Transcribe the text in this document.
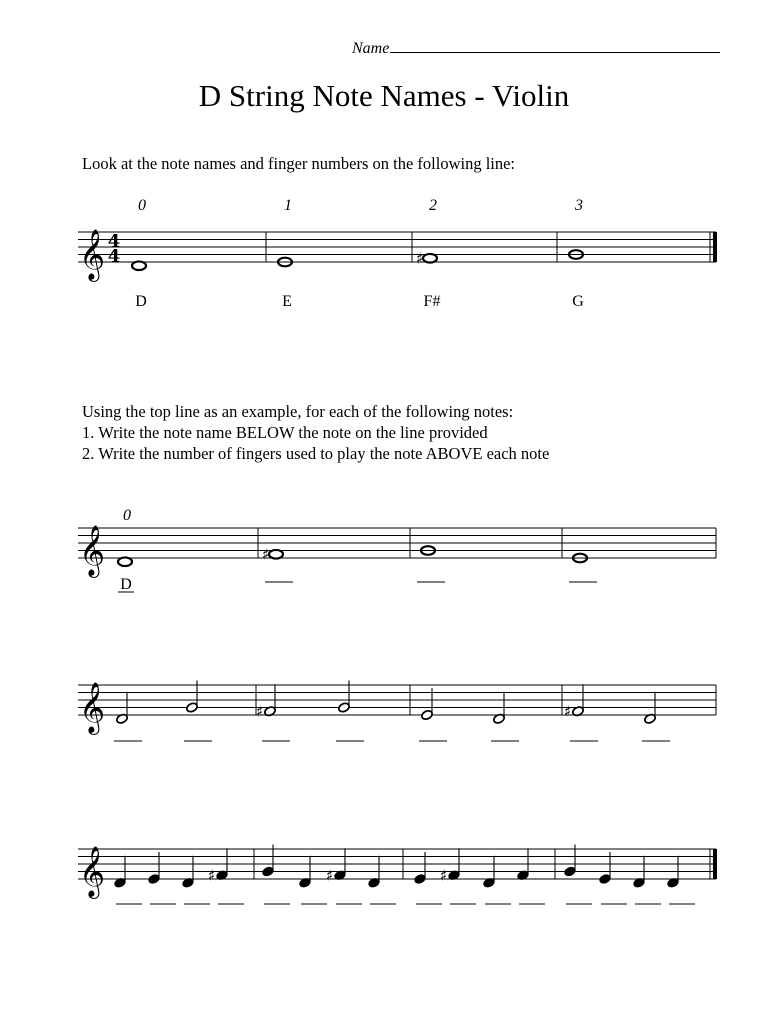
Name
D String Note Names - Violin
Look at the note names and finger numbers on the following line:
Using the top line as an example, for each of the following notes:
1. Write the note name BELOW the note on the line provided
2. Write the number of fingers used to play the note ABOVE each note
𝄞 4
4	♯
0	1	2	3
D	E	F#	G
𝄞	♯
0
D
𝄞	♯	♯
𝄞	♯	♯	♯
